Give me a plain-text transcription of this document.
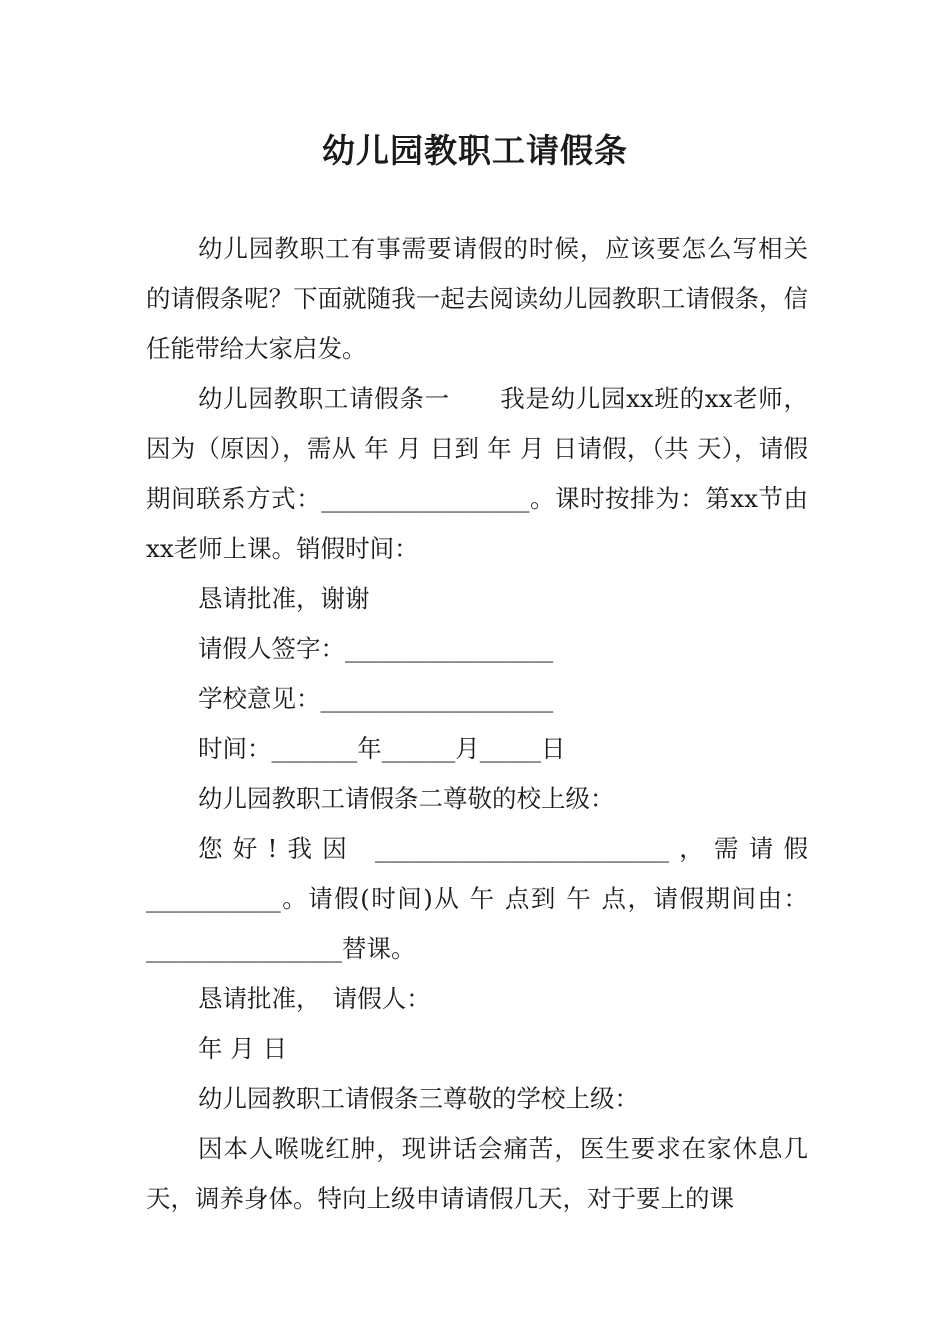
幼儿园教职工请假条

幼儿园教职工有事需要请假的时候，应该要怎么写相关的请假条呢？下面就随我一起去阅读幼儿园教职工请假条，信任能带给大家启发。

幼儿园教职工请假条一　　我是幼儿园xx班的xx老师，因为（原因），需从 年 月 日到 年 月 日请假，（共 天），请假期间联系方式：_________________。课时按排为：第xx节由xx老师上课。销假时间：

恳请批准，谢谢

请假人签字：_________________

学校意见：___________________

时间：_______年______月_____日

幼儿园教职工请假条二尊敬的校上级：

您好!我因 ________________________，需请假___________。请假(时间)从 午 点到 午 点，请假期间由：________________替课。

恳请批准，　请假人：

年 月 日

幼儿园教职工请假条三尊敬的学校上级：

因本人喉咙红肿，现讲话会痛苦，医生要求在家休息几天，调养身体。特向上级申请请假几天，对于要上的课
